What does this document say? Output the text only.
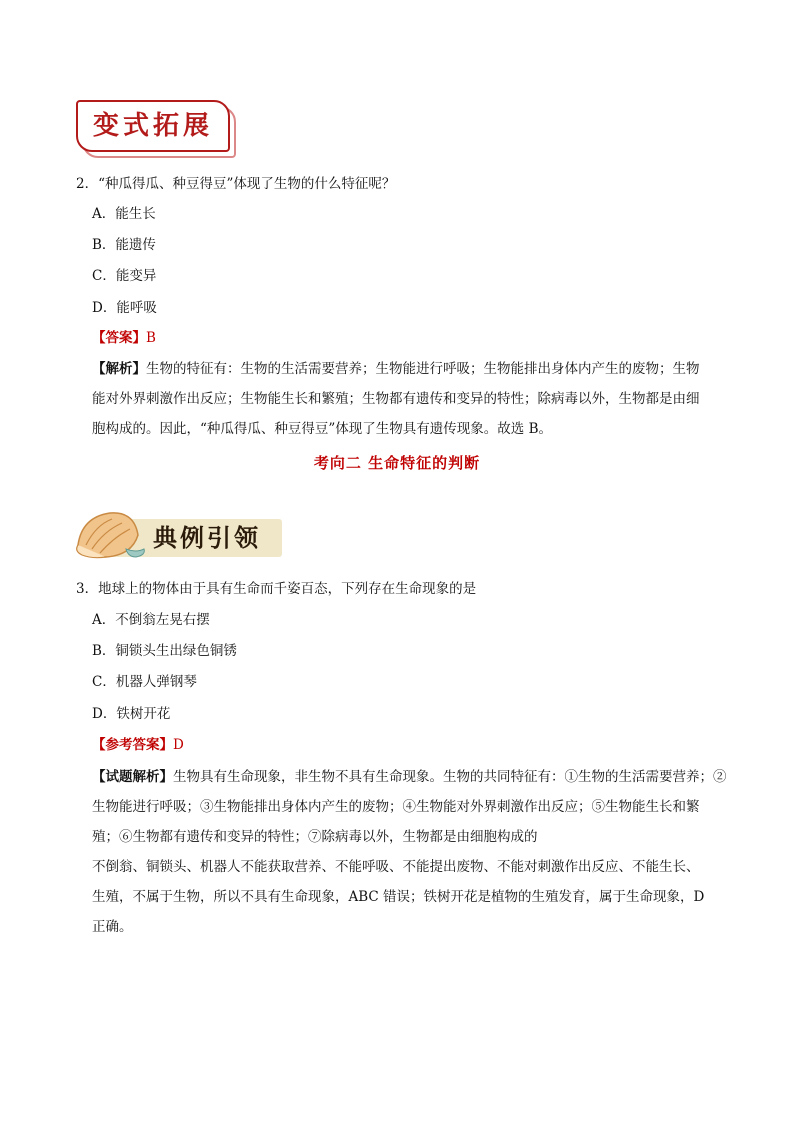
变式拓展
2．“种瓜得瓜、种豆得豆”体现了生物的什么特征呢？
A．能生长
B．能遗传
C．能变异
D．能呼吸
【答案】B
【解析】生物的特征有：生物的生活需要营养；生物能进行呼吸；生物能排出身体内产生的废物；生物
能对外界刺激作出反应；生物能生长和繁殖；生物都有遗传和变异的特性；除病毒以外，生物都是由细
胞构成的。因此，“种瓜得瓜、种豆得豆”体现了生物具有遗传现象。故选 B。
考向二 生命特征的判断
典例引领
3．地球上的物体由于具有生命而千姿百态，下列存在生命现象的是
A．不倒翁左晃右摆
B．铜锁头生出绿色铜锈
C．机器人弹钢琴
D．铁树开花
【参考答案】D
【试题解析】生物具有生命现象，非生物不具有生命现象。生物的共同特征有：①生物的生活需要营养；②
生物能进行呼吸；③生物能排出身体内产生的废物；④生物能对外界刺激作出反应；⑤生物能生长和繁
殖；⑥生物都有遗传和变异的特性；⑦除病毒以外，生物都是由细胞构成的
不倒翁、铜锁头、机器人不能获取营养、不能呼吸、不能提出废物、不能对刺激作出反应、不能生长、
生殖，不属于生物，所以不具有生命现象，ABC 错误；铁树开花是植物的生殖发育，属于生命现象，D
正确。
